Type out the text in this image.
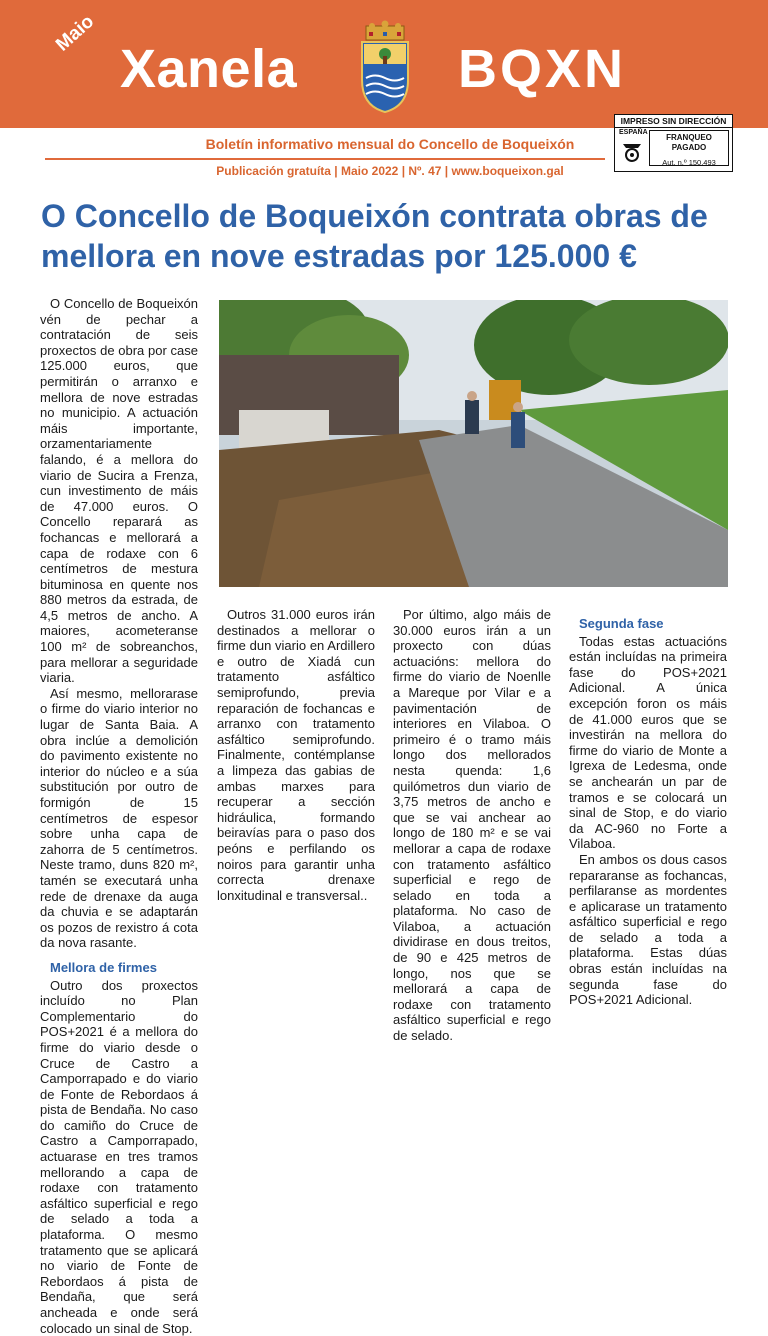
Maio
Xanela	BQXN
Boletín informativo mensual do Concello de Boqueixón
Publicación gratuíta | Maio 2022 | Nº. 47 | www.boqueixon.gal
IMPRESO SIN DIRECCIÓN
ESPAÑA
FRANQUEO
PAGADO
Aut. n.º 150.493
O Concello de Boqueixón contrata obras de mellora en nove estradas por 125.000 €

O Concello de Boqueixón vén de pechar a contratación de seis proxectos de obra por case 125.000 euros, que permitirán o arranxo e mellora de nove estradas no municipio. A actuación máis importante, orzamentariamente falando, é a mellora do viario de Sucira a Frenza, cun investimento de máis de 47.000 euros. O Concello reparará as fochancas e mellorará a capa de rodaxe con 6 centímetros de mestura bituminosa en quente nos 880 metros da estrada, de 4,5 metros de ancho. A maiores, acometeranse 100 m² de sobreanchos, para mellorar a seguridade viaria.

Así mesmo, mellorarase o firme do viario interior no lugar de Santa Baia. A obra inclúe a demolición do pavimento existente no interior do núcleo e a súa substitución por outro de formigón de 15 centímetros de espesor sobre unha capa de zahorra de 5 centímetros. Neste tramo, duns 820 m², tamén se executará unha rede de drenaxe da auga da chuvia e se adaptarán os pozos de rexistro á cota da nova rasante.

Mellora de firmes

Outro dos proxectos incluído no Plan Complementario do POS+2021 é a mellora do firme do viario desde o Cruce de Castro a Camporrapado e do viario de Fonte de Rebordaos á pista de Bendaña. No caso do camiño do Cruce de Castro a Camporrapado, actuarase en tres tramos mellorando a capa de rodaxe con tratamento asfáltico superficial e rego de selado a toda a plataforma. O mesmo tratamento que se aplicará no viario de Fonte de Rebordaos á pista de Bendaña, que será ancheada e onde será colocado un sinal de Stop.

Outros 31.000 euros irán destinados a mellorar o firme dun viario en Ardillero e outro de Xiadá cun tratamento asfáltico semiprofundo, previa reparación de fochancas e arranxo con tratamento asfáltico semiprofundo. Finalmente, contémplanse a limpeza das gabias de ambas marxes para recuperar a sección hidráulica, formando beiravías para o paso dos peóns e perfilando os noiros para garantir unha correcta drenaxe lonxitudinal e transversal..

Por último, algo máis de 30.000 euros irán a un proxecto con dúas actuacións: mellora do firme do viario de Noenlle a Mareque por Vilar e a pavimentación de interiores en Vilaboa. O primeiro é o tramo máis longo dos mellorados nesta quenda: 1,6 quilómetros dun viario de 3,75 metros de ancho e que se vai anchear ao longo de 180 m² e se vai mellorar a capa de rodaxe con tratamento asfáltico superficial e rego de selado en toda a plataforma. No caso de Vilaboa, a actuación dividirase en dous treitos, de 90 e 425 metros de longo, nos que se mellorará a capa de rodaxe con tratamento asfáltico superficial e rego de selado.

Segunda fase

Todas estas actuacións están incluídas na primeira fase do POS+2021 Adicional. A única excepción foron os máis de 41.000 euros que se investirán na mellora do firme do viario de Monte a Igrexa de Ledesma, onde se anchearán un par de tramos e se colocará un sinal de Stop, e do viario da AC-960 no Forte a Vilaboa.

En ambos os dous casos repararanse as fochancas, perfilaranse as mordentes e aplicarase un tratamento asfáltico superficial e rego de selado a toda a plataforma. Estas dúas obras están incluídas na segunda fase do POS+2021 Adicional.
